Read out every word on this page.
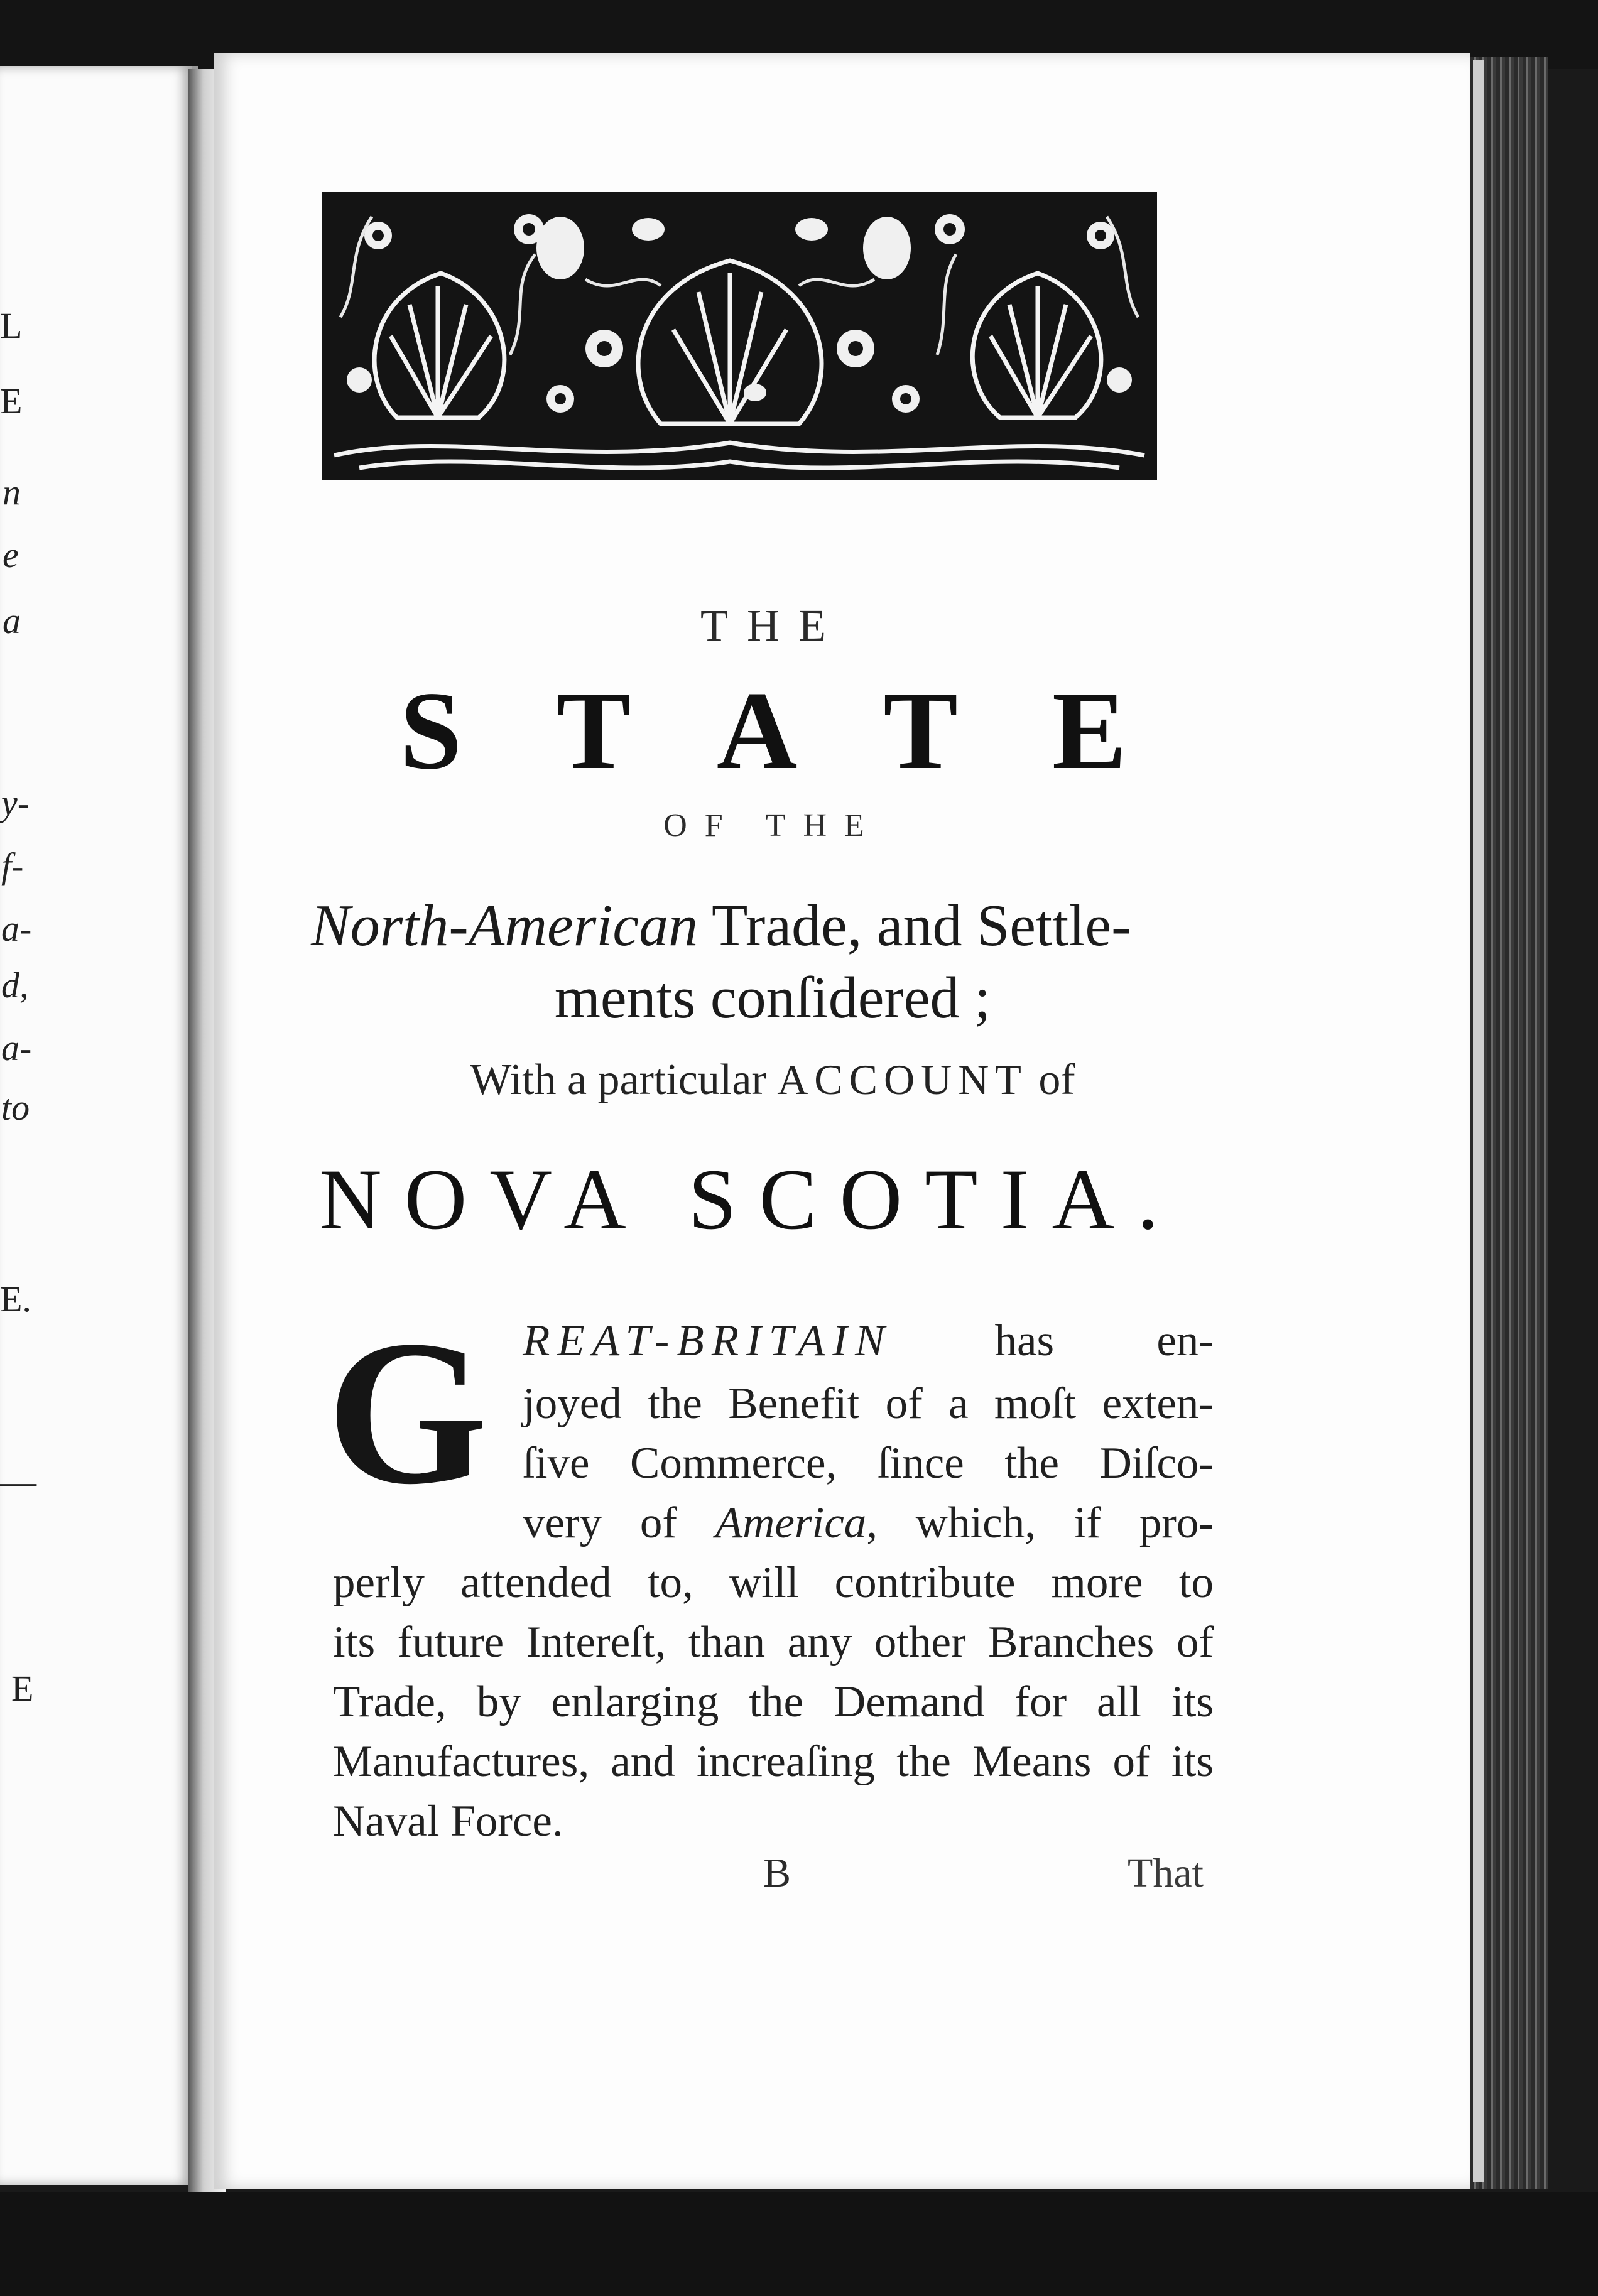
L
E
n
e
a
y-
f-
a-
d,
a-
to
E.
—
E
THE
STATE
OF THE
North-American Trade, and Settle-
ments conſidered ;
With a particular ACCOUNT of
NOVA SCOTIA.
G REAT-BRITAIN has en-
joyed the Benefit of a moſt exten-
ſive Commerce, ſince the Diſco-
very of America, which, if pro-
perly attended to, will contribute more to
its future Intereſt, than any other Branches of
Trade, by enlarging the Demand for all its
Manufactures, and increaſing the Means of its
Naval Force.
B	That
